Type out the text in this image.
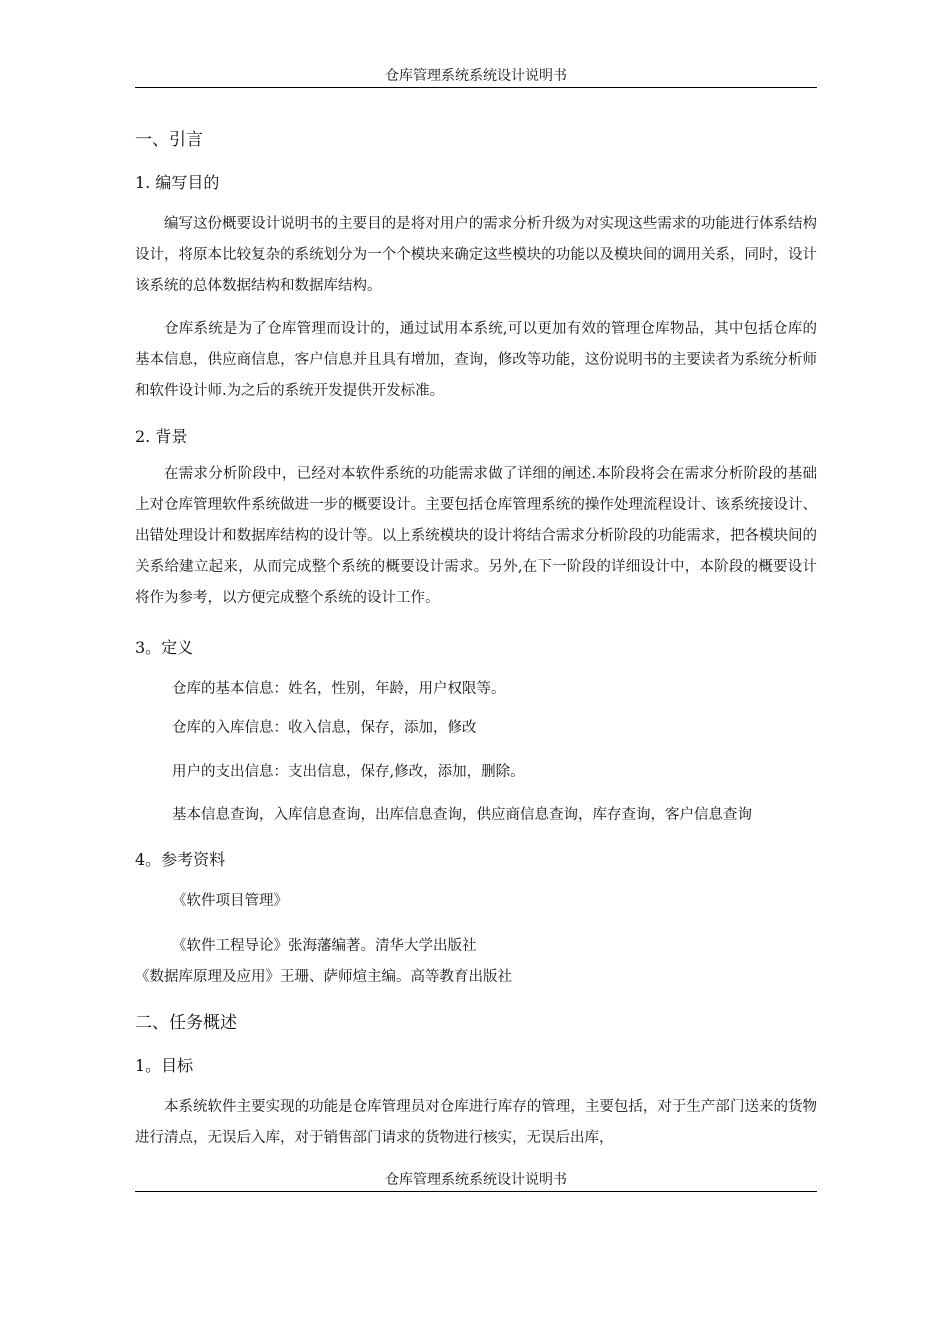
仓库管理系统系统设计说明书
一、引言
1. 编写目的

编写这份概要设计说明书的主要目的是将对用户的需求分析升级为对实现这些需求的功能进行体系结构设计，将原本比较复杂的系统划分为一个个模块来确定这些模块的功能以及模块间的调用关系，同时，设计该系统的总体数据结构和数据库结构。

仓库系统是为了仓库管理而设计的，通过试用本系统,可以更加有效的管理仓库物品，其中包括仓库的基本信息，供应商信息，客户信息并且具有增加，查询，修改等功能，这份说明书的主要读者为系统分析师和软件设计师.为之后的系统开发提供开发标准。

2. 背景

在需求分析阶段中，已经对本软件系统的功能需求做了详细的阐述.本阶段将会在需求分析阶段的基础上对仓库管理软件系统做进一步的概要设计。主要包括仓库管理系统的操作处理流程设计、该系统接设计、出错处理设计和数据库结构的设计等。以上系统模块的设计将结合需求分析阶段的功能需求，把各模块间的关系给建立起来，从而完成整个系统的概要设计需求。另外,在下一阶段的详细设计中，本阶段的概要设计将作为参考，以方便完成整个系统的设计工作。

3。定义
仓库的基本信息：姓名，性别，年龄，用户权限等。
仓库的入库信息：收入信息，保存，添加，修改
用户的支出信息：支出信息，保存,修改，添加，删除。
基本信息查询，入库信息查询，出库信息查询，供应商信息查询，库存查询，客户信息查询
4。参考资料
《软件项目管理》
《软件工程导论》张海藩编著。清华大学出版社
《数据库原理及应用》王珊、萨师煊主编。高等教育出版社
二、任务概述
1。目标

本系统软件主要实现的功能是仓库管理员对仓库进行库存的管理，主要包括，对于生产部门送来的货物进行清点，无误后入库，对于销售部门请求的货物进行核实，无误后出库，

仓库管理系统系统设计说明书
